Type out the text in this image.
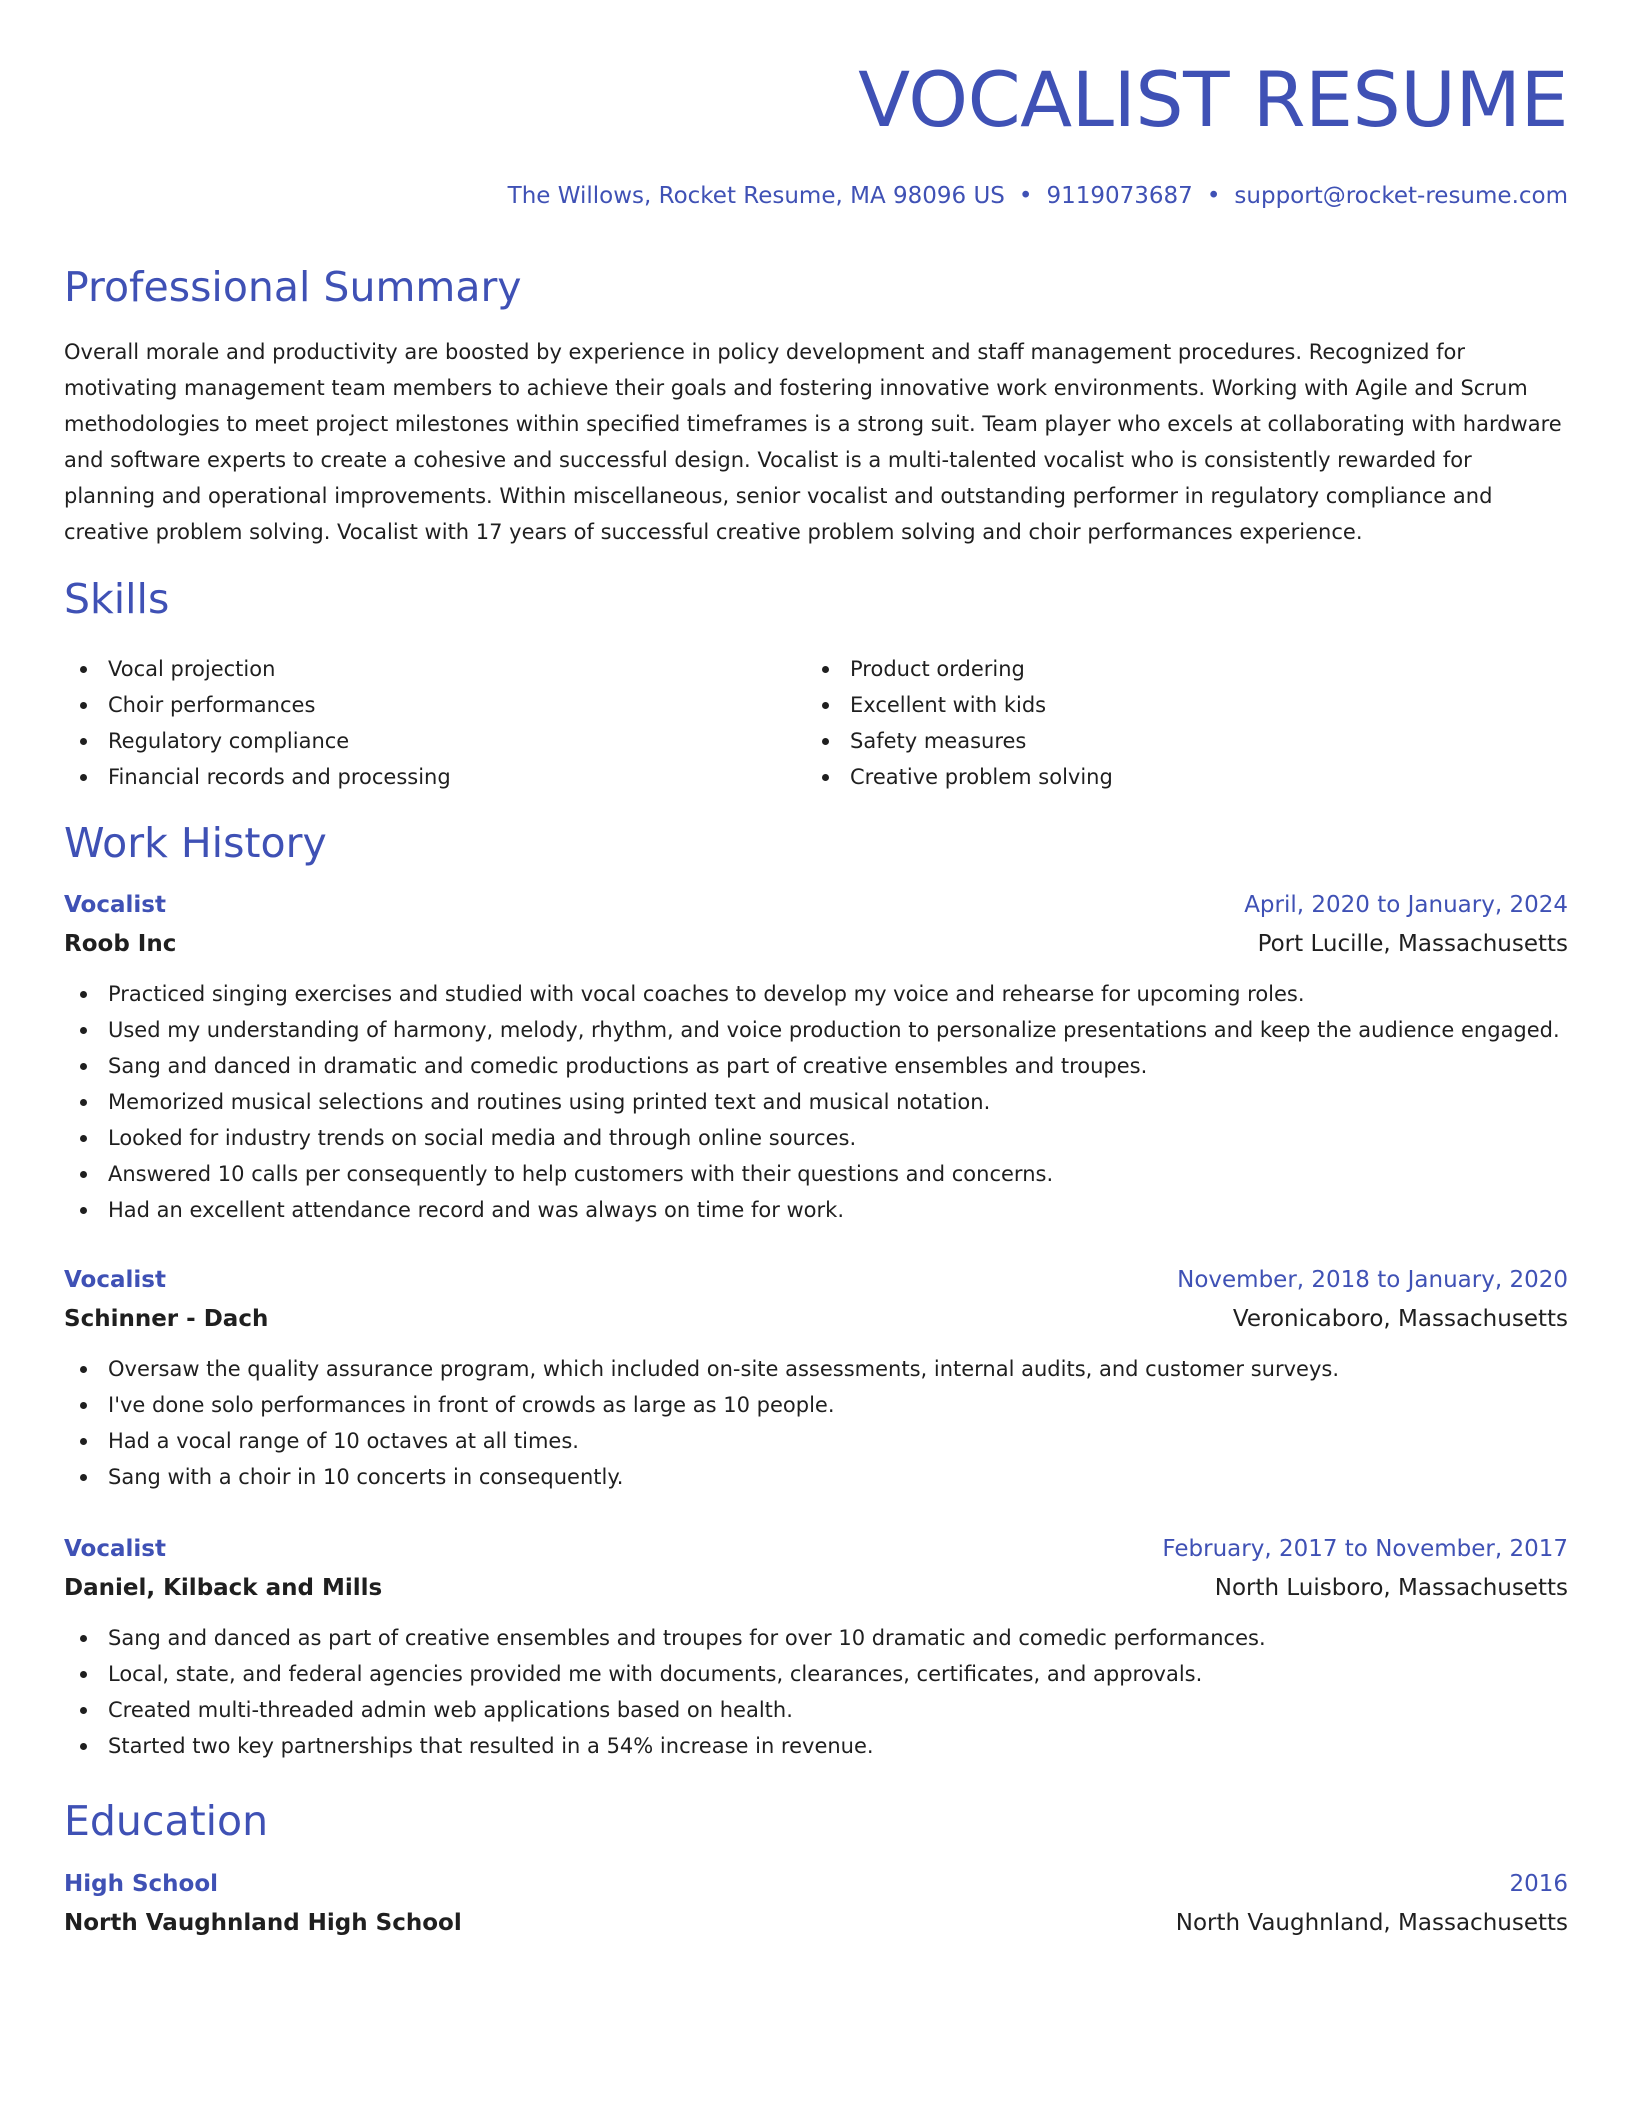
VOCALIST RESUME
The Willows, Rocket Resume, MA 98096 US • 9119073687 • support@rocket-resume.com
Professional Summary

Overall morale and productivity are boosted by experience in policy development and staff management procedures. Recognized for motivating management team members to achieve their goals and fostering innovative work environments. Working with Agile and Scrum methodologies to meet project milestones within specified timeframes is a strong suit. Team player who excels at collaborating with hardware and software experts to create a cohesive and successful design. Vocalist is a multi-talented vocalist who is consistently rewarded for planning and operational improvements. Within miscellaneous, senior vocalist and outstanding performer in regulatory compliance and creative problem solving. Vocalist with 17 years of successful creative problem solving and choir performances experience.

Skills
Vocal projection
Choir performances
Regulatory compliance
Financial records and processing
Product ordering
Excellent with kids
Safety measures
Creative problem solving
Work History
Vocalist	April, 2020 to January, 2024
Roob Inc	Port Lucille, Massachusetts
Practiced singing exercises and studied with vocal coaches to develop my voice and rehearse for upcoming roles.
Used my understanding of harmony, melody, rhythm, and voice production to personalize presentations and keep the audience engaged.
Sang and danced in dramatic and comedic productions as part of creative ensembles and troupes.
Memorized musical selections and routines using printed text and musical notation.
Looked for industry trends on social media and through online sources.
Answered 10 calls per consequently to help customers with their questions and concerns.
Had an excellent attendance record and was always on time for work.
Vocalist	November, 2018 to January, 2020
Schinner - Dach	Veronicaboro, Massachusetts
Oversaw the quality assurance program, which included on-site assessments, internal audits, and customer surveys.
I've done solo performances in front of crowds as large as 10 people.
Had a vocal range of 10 octaves at all times.
Sang with a choir in 10 concerts in consequently.
Vocalist	February, 2017 to November, 2017
Daniel, Kilback and Mills	North Luisboro, Massachusetts
Sang and danced as part of creative ensembles and troupes for over 10 dramatic and comedic performances.
Local, state, and federal agencies provided me with documents, clearances, certificates, and approvals.
Created multi-threaded admin web applications based on health.
Started two key partnerships that resulted in a 54% increase in revenue.
Education
High School	2016
North Vaughnland High School	North Vaughnland, Massachusetts
